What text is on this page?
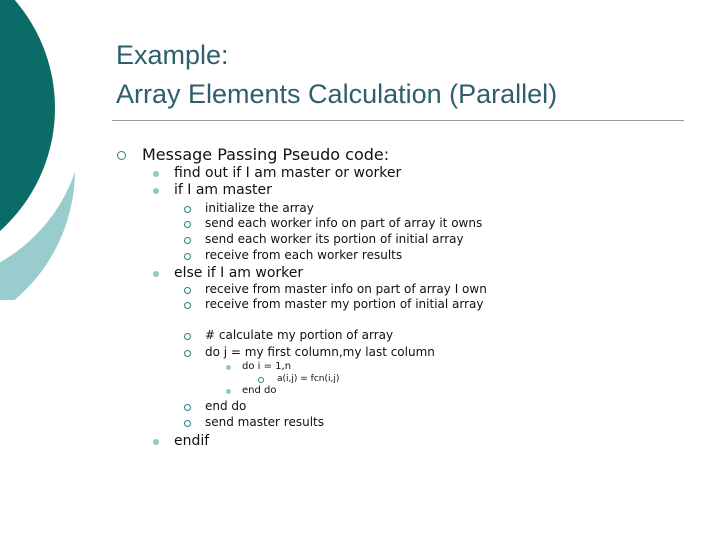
Example:
Array Elements Calculation (Parallel)
Message Passing Pseudo code:
find out if I am master or worker
if I am master
initialize the array
send each worker info on part of array it owns
send each worker its portion of initial array
receive from each worker results
else if I am worker
receive from master info on part of array I own
receive from master my portion of initial array
# calculate my portion of array
do j = my first column,my last column
do i = 1,n
a(i,j) = fcn(i,j)
end do
end do
send master results
endif
